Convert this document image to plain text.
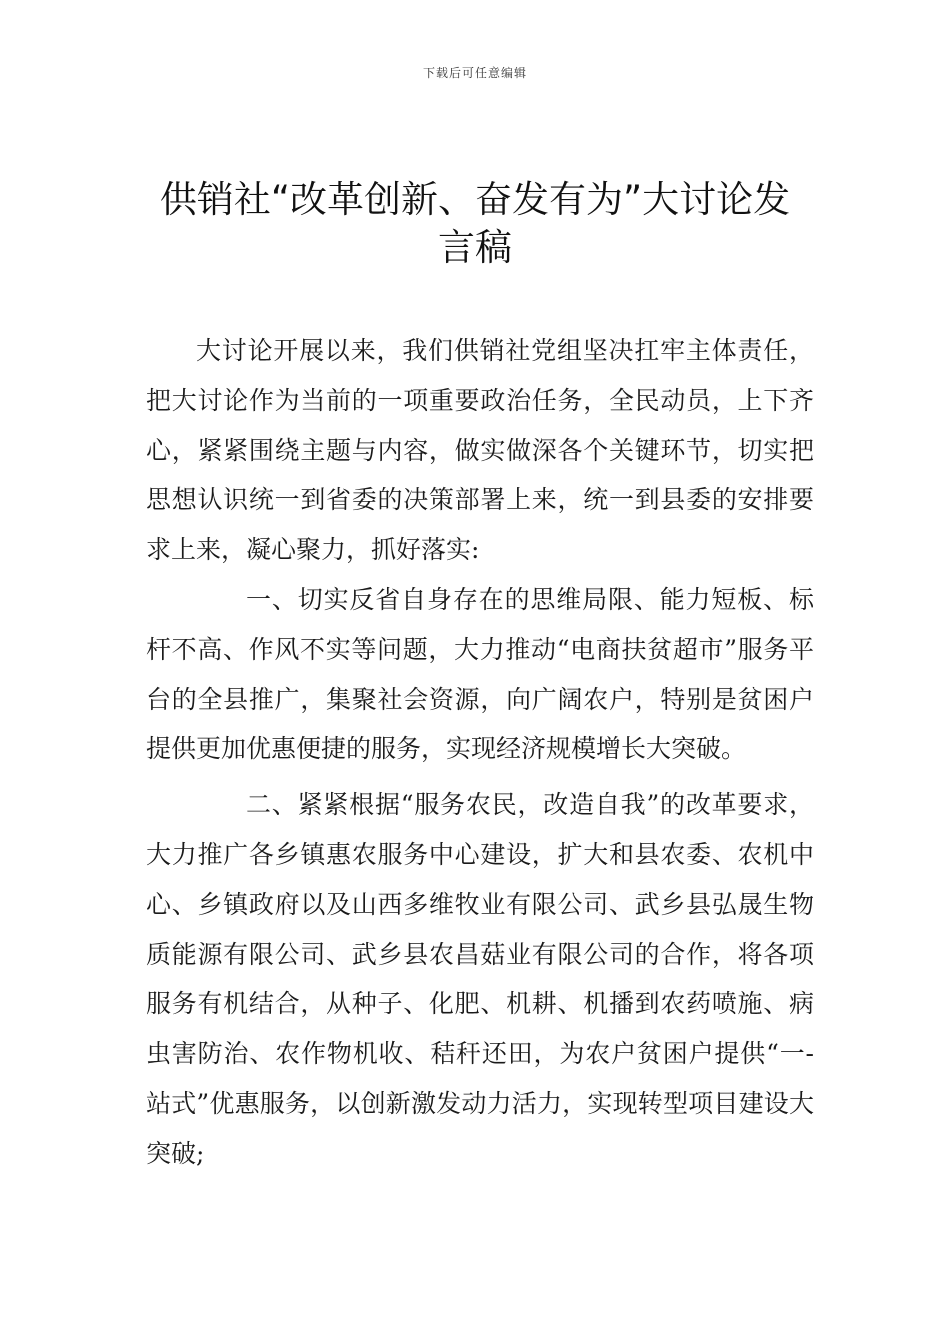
下载后可任意编辑
供销社“改革创新、奋发有为”大讨论发
言稿

大讨论开展以来，我们供销社党组坚决扛牢主体责任，把大讨论作为当前的一项重要政治任务，全民动员，上下齐心，紧紧围绕主题与内容，做实做深各个关键环节，切实把思想认识统一到省委的决策部署上来，统一到县委的安排要求上来，凝心聚力，抓好落实:

一、切实反省自身存在的思维局限、能力短板、标杆不高、作风不实等问题，大力推动“电商扶贫超市”服务平台的全县推广，集聚社会资源，向广阔农户，特别是贫困户提供更加优惠便捷的服务，实现经济规模增长大突破。

二、紧紧根据“服务农民，改造自我”的改革要求，大力推广各乡镇惠农服务中心建设，扩大和县农委、农机中心、乡镇政府以及山西多维牧业有限公司、武乡县弘晟生物质能源有限公司、武乡县农昌菇业有限公司的合作，将各项服务有机结合，从种子、化肥、机耕、机播到农药喷施、病虫害防治、农作物机收、秸秆还田，为农户贫困户提供“一-站式”优惠服务，以创新激发动力活力，实现转型项目建设大突破;
